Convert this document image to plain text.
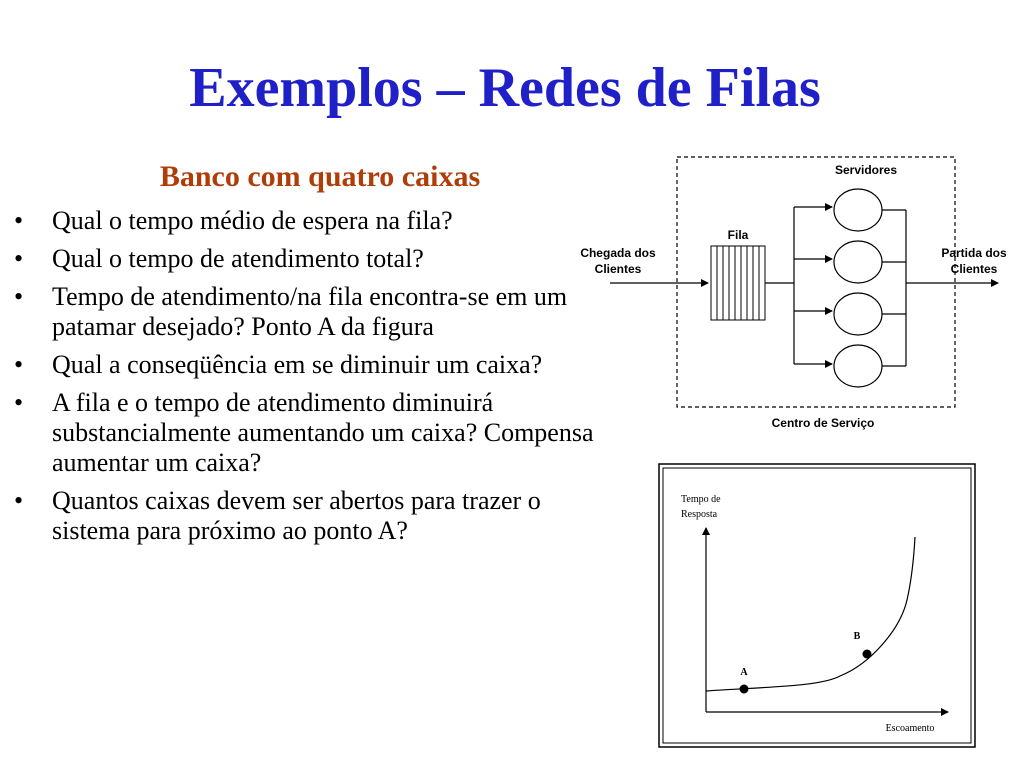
Exemplos – Redes de Filas
Banco com quatro caixas
• Qual o tempo médio de espera na fila?
• Qual o tempo de atendimento total?
• Tempo de atendimento/na fila encontra-se em um patamar desejado? Ponto A da figura
• Qual a conseqüência em se diminuir um caixa?
• A fila e o tempo de atendimento diminuirá substancialmente aumentando um caixa? Compensa aumentar um caixa?
• Quantos caixas devem ser abertos para trazer o sistema para próximo ao ponto A?
Servidores
Fila
Chegada dos
Clientes
Partida dos
Clientes
Centro de Serviço
Tempo de
Resposta
A
B
Escoamento
